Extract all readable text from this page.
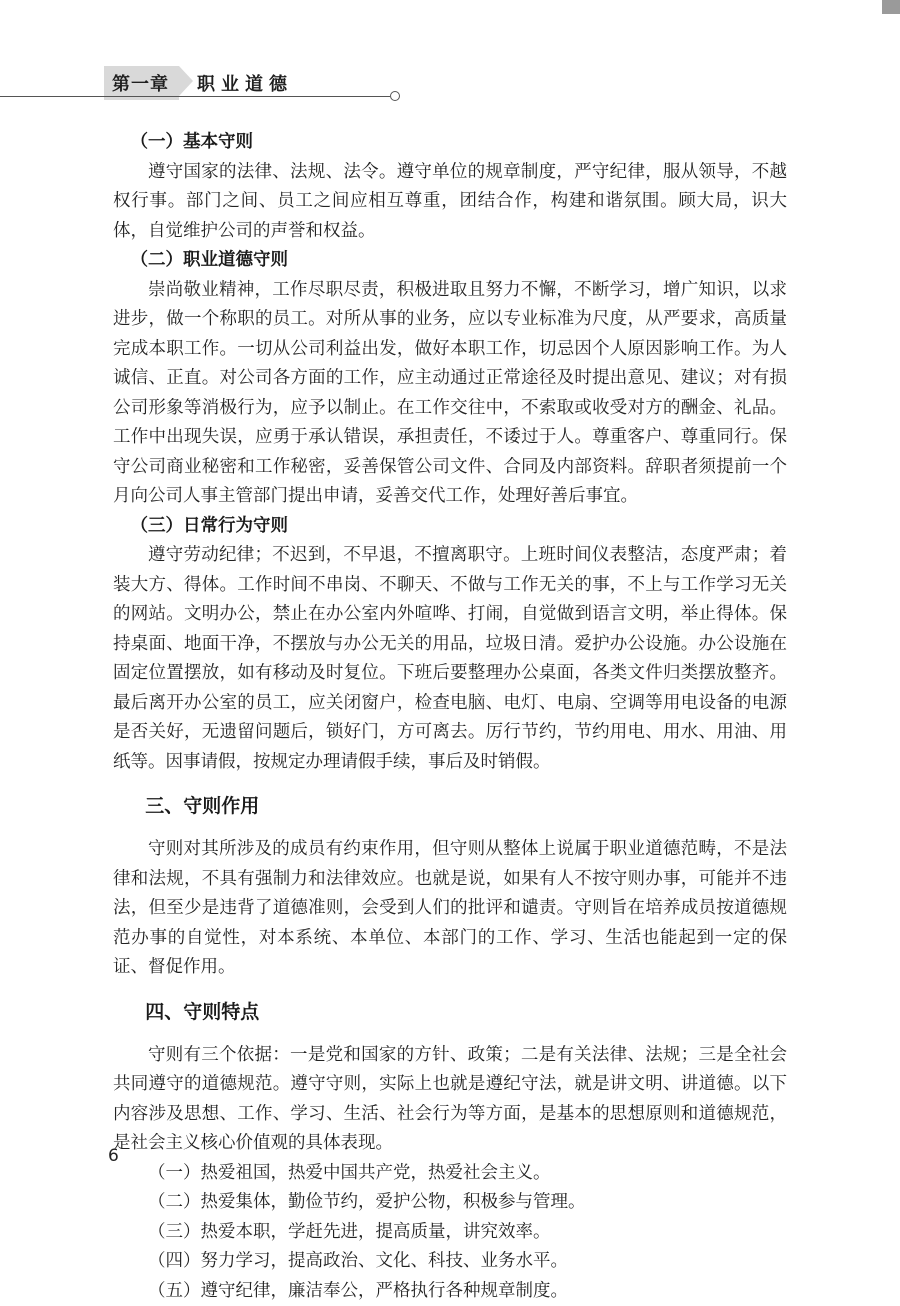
第一章	职业道德
（一）基本守则

遵守国家的法律、法规、法令。遵守单位的规章制度，严守纪律，服从领导，不越权行事。部门之间、员工之间应相互尊重，团结合作，构建和谐氛围。顾大局，识大体，自觉维护公司的声誉和权益。

（二）职业道德守则

崇尚敬业精神，工作尽职尽责，积极进取且努力不懈，不断学习，增广知识，以求进步，做一个称职的员工。对所从事的业务，应以专业标准为尺度，从严要求，高质量完成本职工作。一切从公司利益出发，做好本职工作，切忌因个人原因影响工作。为人诚信、正直。对公司各方面的工作，应主动通过正常途径及时提出意见、建议；对有损公司形象等消极行为，应予以制止。在工作交往中，不索取或收受对方的酬金、礼品。工作中出现失误，应勇于承认错误，承担责任，不诿过于人。尊重客户、尊重同行。保守公司商业秘密和工作秘密，妥善保管公司文件、合同及内部资料。辞职者须提前一个月向公司人事主管部门提出申请，妥善交代工作，处理好善后事宜。

（三）日常行为守则

遵守劳动纪律；不迟到，不早退，不擅离职守。上班时间仪表整洁，态度严肃；着装大方、得体。工作时间不串岗、不聊天、不做与工作无关的事，不上与工作学习无关的网站。文明办公，禁止在办公室内外喧哗、打闹，自觉做到语言文明，举止得体。保持桌面、地面干净，不摆放与办公无关的用品，垃圾日清。爱护办公设施。办公设施在固定位置摆放，如有移动及时复位。下班后要整理办公桌面，各类文件归类摆放整齐。最后离开办公室的员工，应关闭窗户，检查电脑、电灯、电扇、空调等用电设备的电源是否关好，无遗留问题后，锁好门，方可离去。厉行节约，节约用电、用水、用油、用纸等。因事请假，按规定办理请假手续，事后及时销假。

三、守则作用

守则对其所涉及的成员有约束作用，但守则从整体上说属于职业道德范畴，不是法律和法规，不具有强制力和法律效应。也就是说，如果有人不按守则办事，可能并不违法，但至少是违背了道德准则，会受到人们的批评和谴责。守则旨在培养成员按道德规范办事的自觉性，对本系统、本单位、本部门的工作、学习、生活也能起到一定的保证、督促作用。

四、守则特点

守则有三个依据：一是党和国家的方针、政策；二是有关法律、法规；三是全社会共同遵守的道德规范。遵守守则，实际上也就是遵纪守法，就是讲文明、讲道德。以下内容涉及思想、工作、学习、生活、社会行为等方面，是基本的思想原则和道德规范，是社会主义核心价值观的具体表现。

（一）热爱祖国，热爱中国共产党，热爱社会主义。

（二）热爱集体，勤俭节约，爱护公物，积极参与管理。

（三）热爱本职，学赶先进，提高质量，讲究效率。

（四）努力学习，提高政治、文化、科技、业务水平。

（五）遵守纪律，廉洁奉公，严格执行各种规章制度。

6
